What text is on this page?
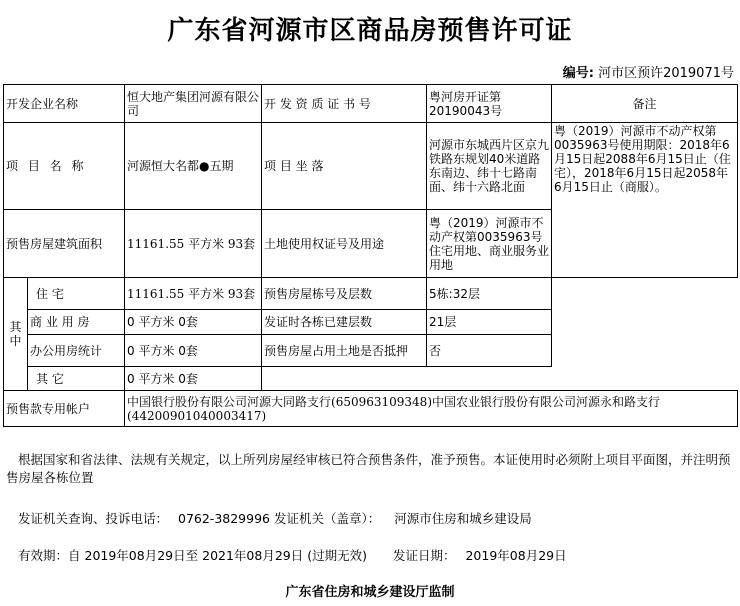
广东省河源市区商品房预售许可证
编号: 河市区预许2019071号
开发企业名称		恒大地产集团河源有限公司	开 发 资 质 证 书 号	粤河房开证第20190043号	备注
项 目 名 称		河源恒大名都●五期	项 目 坐 落	河源市东城西片区京九铁路东规划40米道路东南边、纬十七路南面、纬十六路北面	粤（2019）河源市不动产权第0035963号使用期限：2018年6月15日起2088年6月15日止（住宅），2018年6月15日起2058年6月15日止（商服）。
预售房屋建筑面积		11161.55 平方米 93套	土地使用权证号及用途	粤（2019）河源市不动产权第0035963号 住宅用地、商业服务业用地	
其中	住 宅	11161.55 平方米 93套	预售房屋栋号及层数	5栋:32层	
	商 业 用 房	0 平方米 0套	发证时各栋已建层数	21层	
	办公用房统计	0 平方米 0套	预售房屋占用土地是否抵押	否	
	其 它	0 平方米 0套			
预售款专用帐户		中国银行股份有限公司河源大同路支行(650963109348)中国农业银行股份有限公司河源永和路支行(44200901040003417)			
根据国家和省法律、法规有关规定，以上所列房屋经审核已符合预售条件，准予预售。本证使用时必须附上项目平面图，并注明预售房屋各栋位置
发证机关查询、投诉电话： 0762-3829996 发证机关（盖章）： 河源市住房和城乡建设局
有效期：自 2019年08月29日至 2021年08月29日 (过期无效) 发证日期： 2019年08月29日
广东省住房和城乡建设厅监制
